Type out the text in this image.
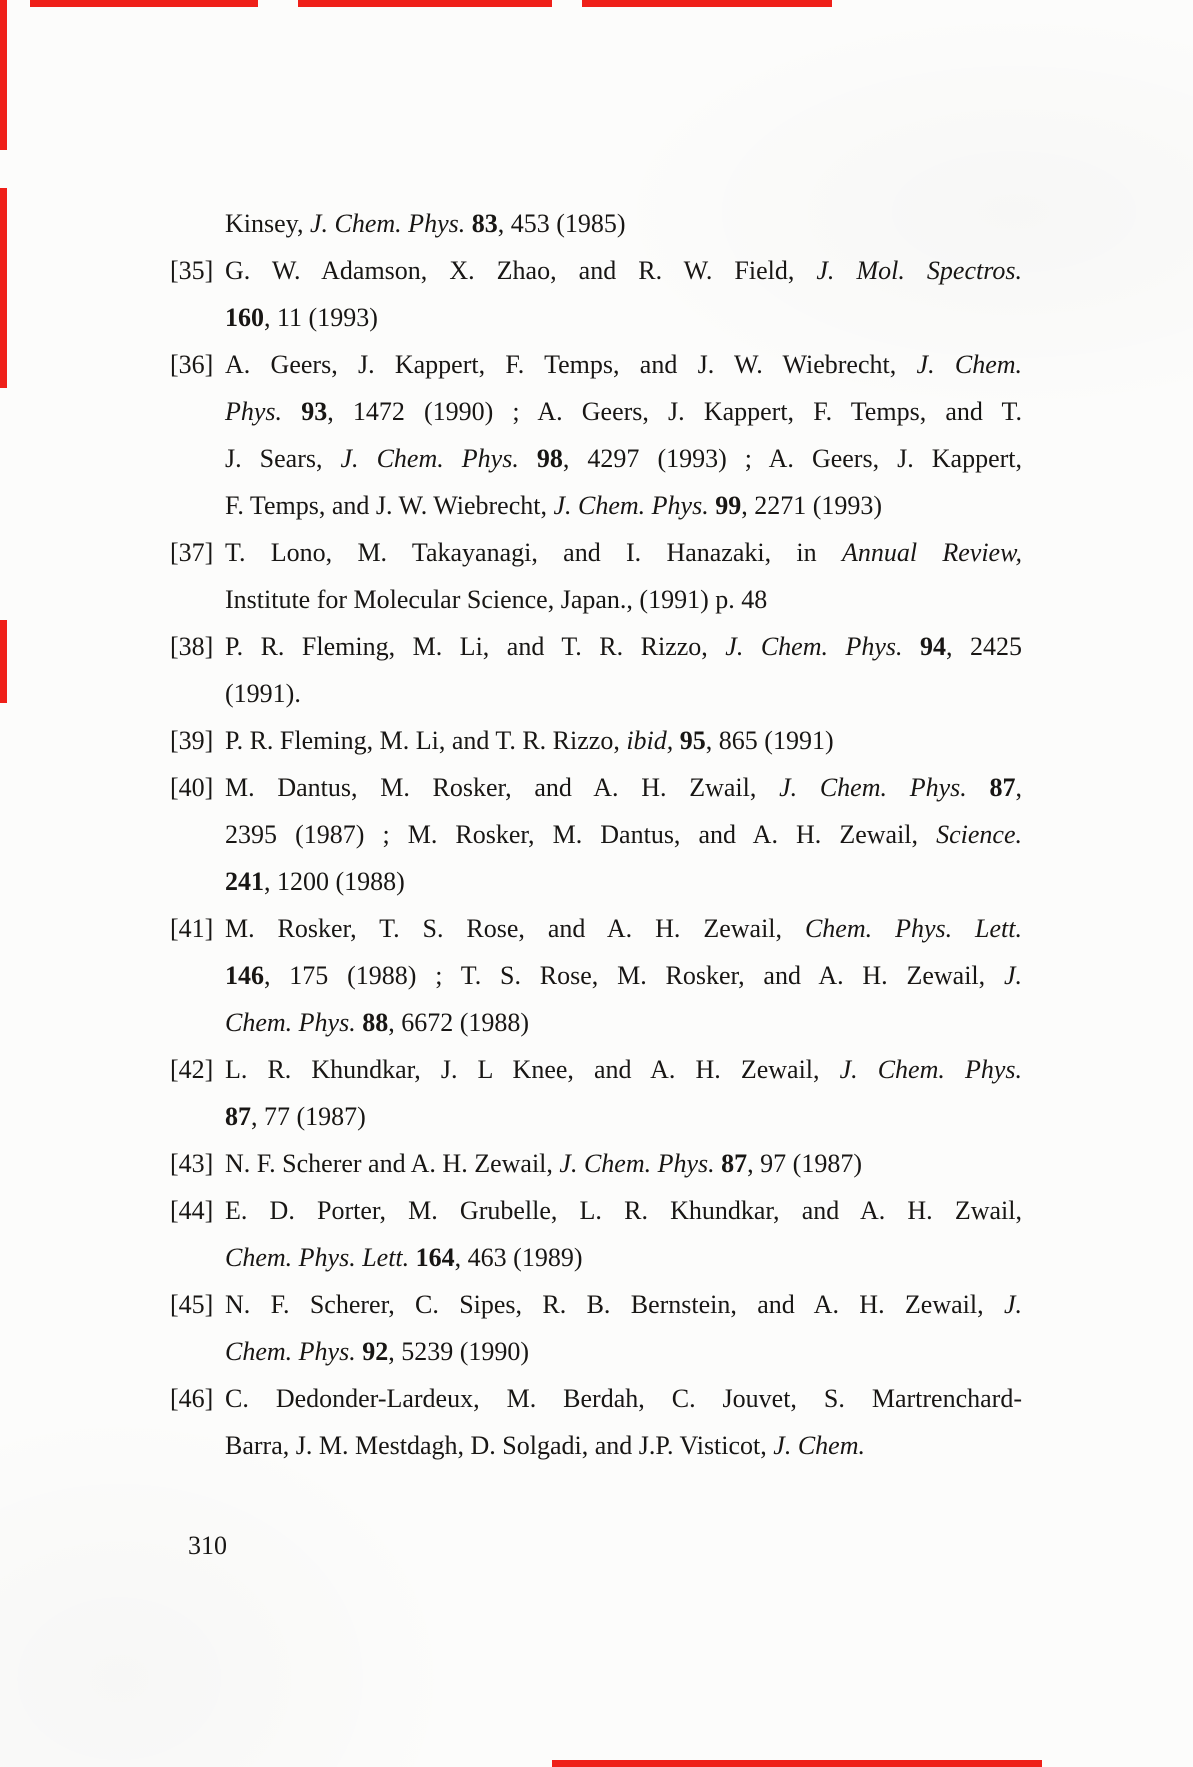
Kinsey, J. Chem. Phys. 83, 453 (1985)
[35] G. W. Adamson, X. Zhao, and R. W. Field, J. Mol. Spectros.
160, 11 (1993)
[36] A. Geers, J. Kappert, F. Temps, and J. W. Wiebrecht, J. Chem.
Phys. 93, 1472 (1990) ; A. Geers, J. Kappert, F. Temps, and T.
J. Sears, J. Chem. Phys. 98, 4297 (1993) ; A. Geers, J. Kappert,
F. Temps, and J. W. Wiebrecht, J. Chem. Phys. 99, 2271 (1993)
[37] T. Lono, M. Takayanagi, and I. Hanazaki, in Annual Review,
Institute for Molecular Science, Japan., (1991) p. 48
[38] P. R. Fleming, M. Li, and T. R. Rizzo, J. Chem. Phys. 94, 2425
(1991).
[39] P. R. Fleming, M. Li, and T. R. Rizzo, ibid, 95, 865 (1991)
[40] M. Dantus, M. Rosker, and A. H. Zwail, J. Chem. Phys. 87,
2395 (1987) ; M. Rosker, M. Dantus, and A. H. Zewail, Science.
241, 1200 (1988)
[41] M. Rosker, T. S. Rose, and A. H. Zewail, Chem. Phys. Lett.
146, 175 (1988) ; T. S. Rose, M. Rosker, and A. H. Zewail, J.
Chem. Phys. 88, 6672 (1988)
[42] L. R. Khundkar, J. L Knee, and A. H. Zewail, J. Chem. Phys.
87, 77 (1987)
[43] N. F. Scherer and A. H. Zewail, J. Chem. Phys. 87, 97 (1987)
[44] E. D. Porter, M. Grubelle, L. R. Khundkar, and A. H. Zwail,
Chem. Phys. Lett. 164, 463 (1989)
[45] N. F. Scherer, C. Sipes, R. B. Bernstein, and A. H. Zewail, J.
Chem. Phys. 92, 5239 (1990)
[46] C. Dedonder-Lardeux, M. Berdah, C. Jouvet, S. Martrenchard-
Barra, J. M. Mestdagh, D. Solgadi, and J.P. Visticot, J. Chem.
310
